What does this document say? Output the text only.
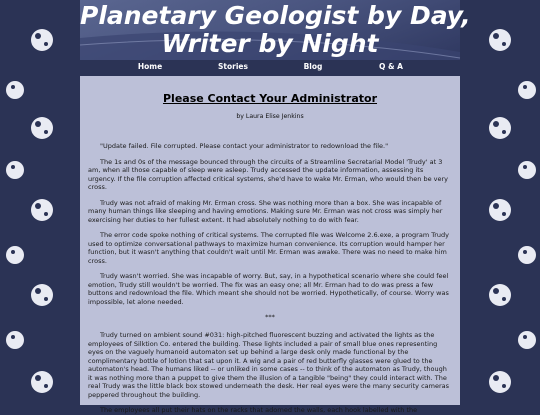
Planetary Geologist by Day,
Writer by Night
Home	Stories	Blog	Q & A
Please Contact Your Administrator
by Laura Elise Jenkins

"Update failed. File corrupted. Please contact your administrator to redownload the file."

The 1s and 0s of the message bounced through the circuits of a Streamline Secretarial Model 'Trudy' at 3 am, when all those capable of sleep were asleep. Trudy accessed the update information, assessing its urgency. If the file corruption affected critical systems, she'd have to wake Mr. Erman, who would then be very cross.

Trudy was not afraid of making Mr. Erman cross. She was nothing more than a box. She was incapable of many human things like sleeping and having emotions. Making sure Mr. Erman was not cross was simply her exercising her duties to her fullest extent. It had absolutely nothing to do with fear.

The error code spoke nothing of critical systems. The corrupted file was Welcome 2.6.exe, a program Trudy used to optimize conversational pathways to maximize human convenience. Its corruption would hamper her function, but it wasn't anything that couldn't wait until Mr. Erman was awake. There was no need to make him cross.

Trudy wasn't worried. She was incapable of worry. But, say, in a hypothetical scenario where she could feel emotion, Trudy still wouldn't be worried. The fix was an easy one; all Mr. Erman had to do was press a few buttons and redownload the file. Which meant she should not be worried. Hypothetically, of course. Worry was impossible, let alone needed.

***

Trudy turned on ambient sound #031: high-pitched fluorescent buzzing and activated the lights as the employees of Silktion Co. entered the building. These lights included a pair of small blue ones representing eyes on the vaguely humanoid automaton set up behind a large desk only made functional by the complimentary bottle of lotion that sat upon it. A wig and a pair of red butterfly glasses were glued to the automaton's head. The humans liked -- or unliked in some cases -- to think of the automaton as Trudy, though it was nothing more than a puppet to give them the illusion of a tangible "being" they could interact with. The real Trudy was the little black box stowed underneath the desk. Her real eyes were the many security cameras peppered throughout the building.

The employees all put their hats on the racks that adorned the walls, each hook labelled with the
